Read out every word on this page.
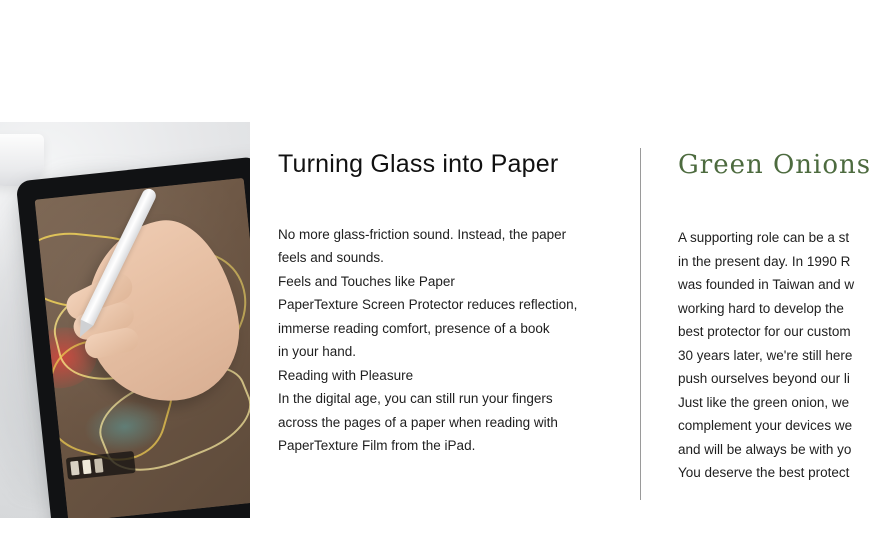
Turning Glass into Paper
No more glass-friction sound. Instead, the paper
feels and sounds.
Feels and Touches like Paper
PaperTexture Screen Protector reduces reflection,
immerse reading comfort, presence of a book
in your hand.
Reading with Pleasure
In the digital age, you can still run your fingers
across the pages of a paper when reading with
PaperTexture Film from the iPad.
Green Onions
A supporting role can be a st
in the present day. In 1990 R
was founded in Taiwan and w
working hard to develop the
best protector for our custom
30 years later, we're still here
push ourselves beyond our li
Just like the green onion, we
complement your devices we
and will be always be with yo
You deserve the best protect
